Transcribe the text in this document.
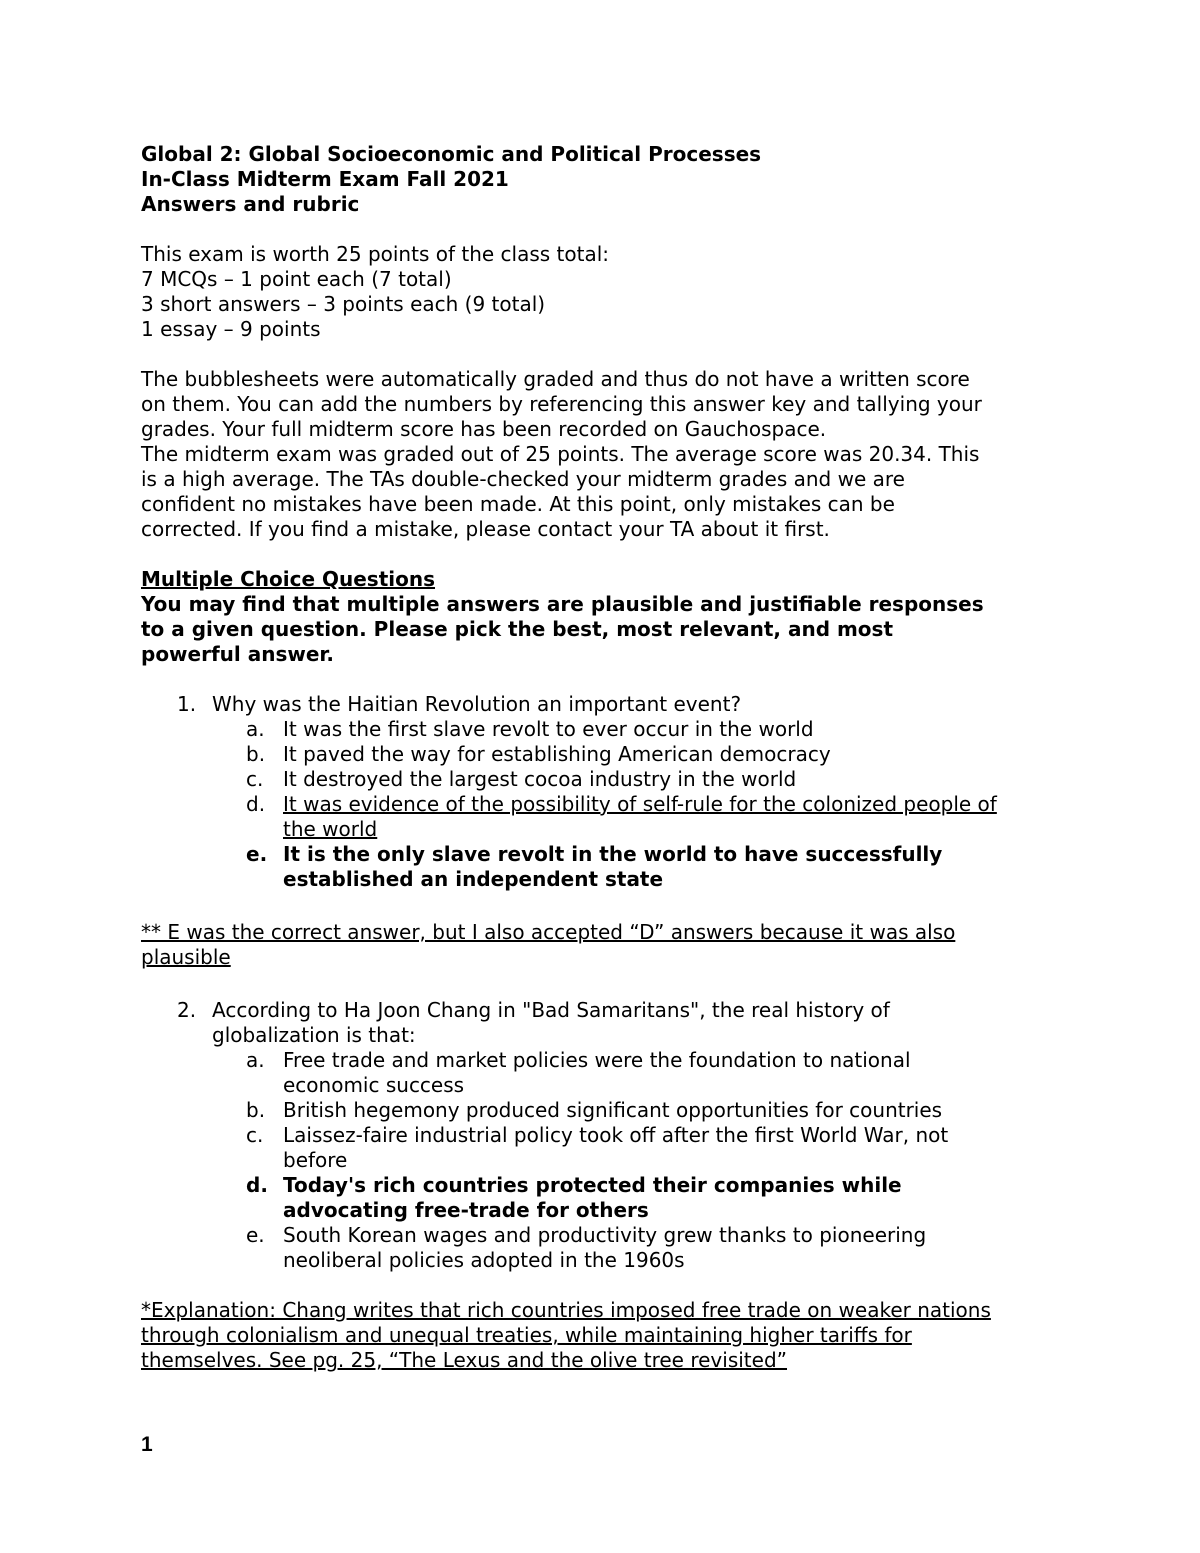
Global 2: Global Socioeconomic and Political Processes
In-Class Midterm Exam Fall 2021
Answers and rubric
This exam is worth 25 points of the class total:
7 MCQs – 1 point each (7 total)
3 short answers – 3 points each (9 total)
1 essay – 9 points
The bubblesheets were automatically graded and thus do not have a written score
on them. You can add the numbers by referencing this answer key and tallying your
grades. Your full midterm score has been recorded on Gauchospace.
The midterm exam was graded out of 25 points. The average score was 20.34. This
is a high average. The TAs double-checked your midterm grades and we are
confident no mistakes have been made. At this point, only mistakes can be
corrected. If you find a mistake, please contact your TA about it first.
Multiple Choice Questions
You may find that multiple answers are plausible and justifiable responses
to a given question. Please pick the best, most relevant, and most
powerful answer.
1. Why was the Haitian Revolution an important event?
a. It was the first slave revolt to ever occur in the world
b. It paved the way for establishing American democracy
c. It destroyed the largest cocoa industry in the world
d. It was evidence of the possibility of self-rule for the colonized people of
the world
e. It is the only slave revolt in the world to have successfully
established an independent state
** E was the correct answer, but I also accepted “D” answers because it was also
plausible
2. According to Ha Joon Chang in "Bad Samaritans", the real history of
globalization is that:
a. Free trade and market policies were the foundation to national
economic success
b. British hegemony produced significant opportunities for countries
c. Laissez-faire industrial policy took off after the first World War, not
before
d. Today's rich countries protected their companies while
advocating free-trade for others
e. South Korean wages and productivity grew thanks to pioneering
neoliberal policies adopted in the 1960s
*Explanation: Chang writes that rich countries imposed free trade on weaker nations
through colonialism and unequal treaties, while maintaining higher tariffs for
themselves. See pg. 25, “The Lexus and the olive tree revisited”
1
